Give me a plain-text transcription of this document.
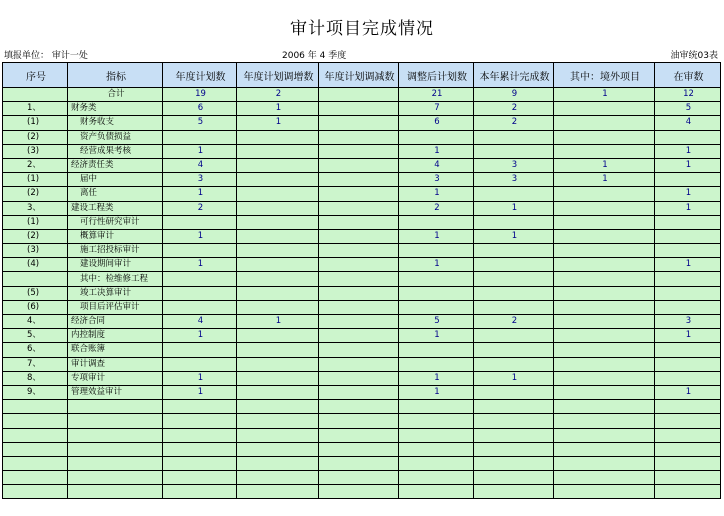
审计项目完成情况
填报单位： 审计一处	2006 年 4 季度	油审统03表
序号	指标	年度计划数	年度计划调增数	年度计划调减数	调整后计划数	本年累计完成数	其中：境外项目	在审数
	合计	19	2		21	9	1	12
1、	财务类	6	1		7	2		5
(1)	财务收支	5	1		6	2		4
(2)	资产负债损益							
(3)	经营成果考核	1			1			1
2、	经济责任类	4			4	3	1	1
(1)	届中	3			3	3	1	
(2)	离任	1			1			1
3、	建设工程类	2			2	1		1
(1)	可行性研究审计							
(2)	概算审计	1			1	1		
(3)	施工招投标审计							
(4)	建设期间审计	1			1			1
	其中：检维修工程							
(5)	竣工决算审计							
(6)	项目后评估审计							
4、	经济合同	4	1		5	2		3
5、	内控制度	1			1			1
6、	联合账簿							
7、	审计调查							
8、	专项审计	1			1	1		
9、	管理效益审计	1			1			1
